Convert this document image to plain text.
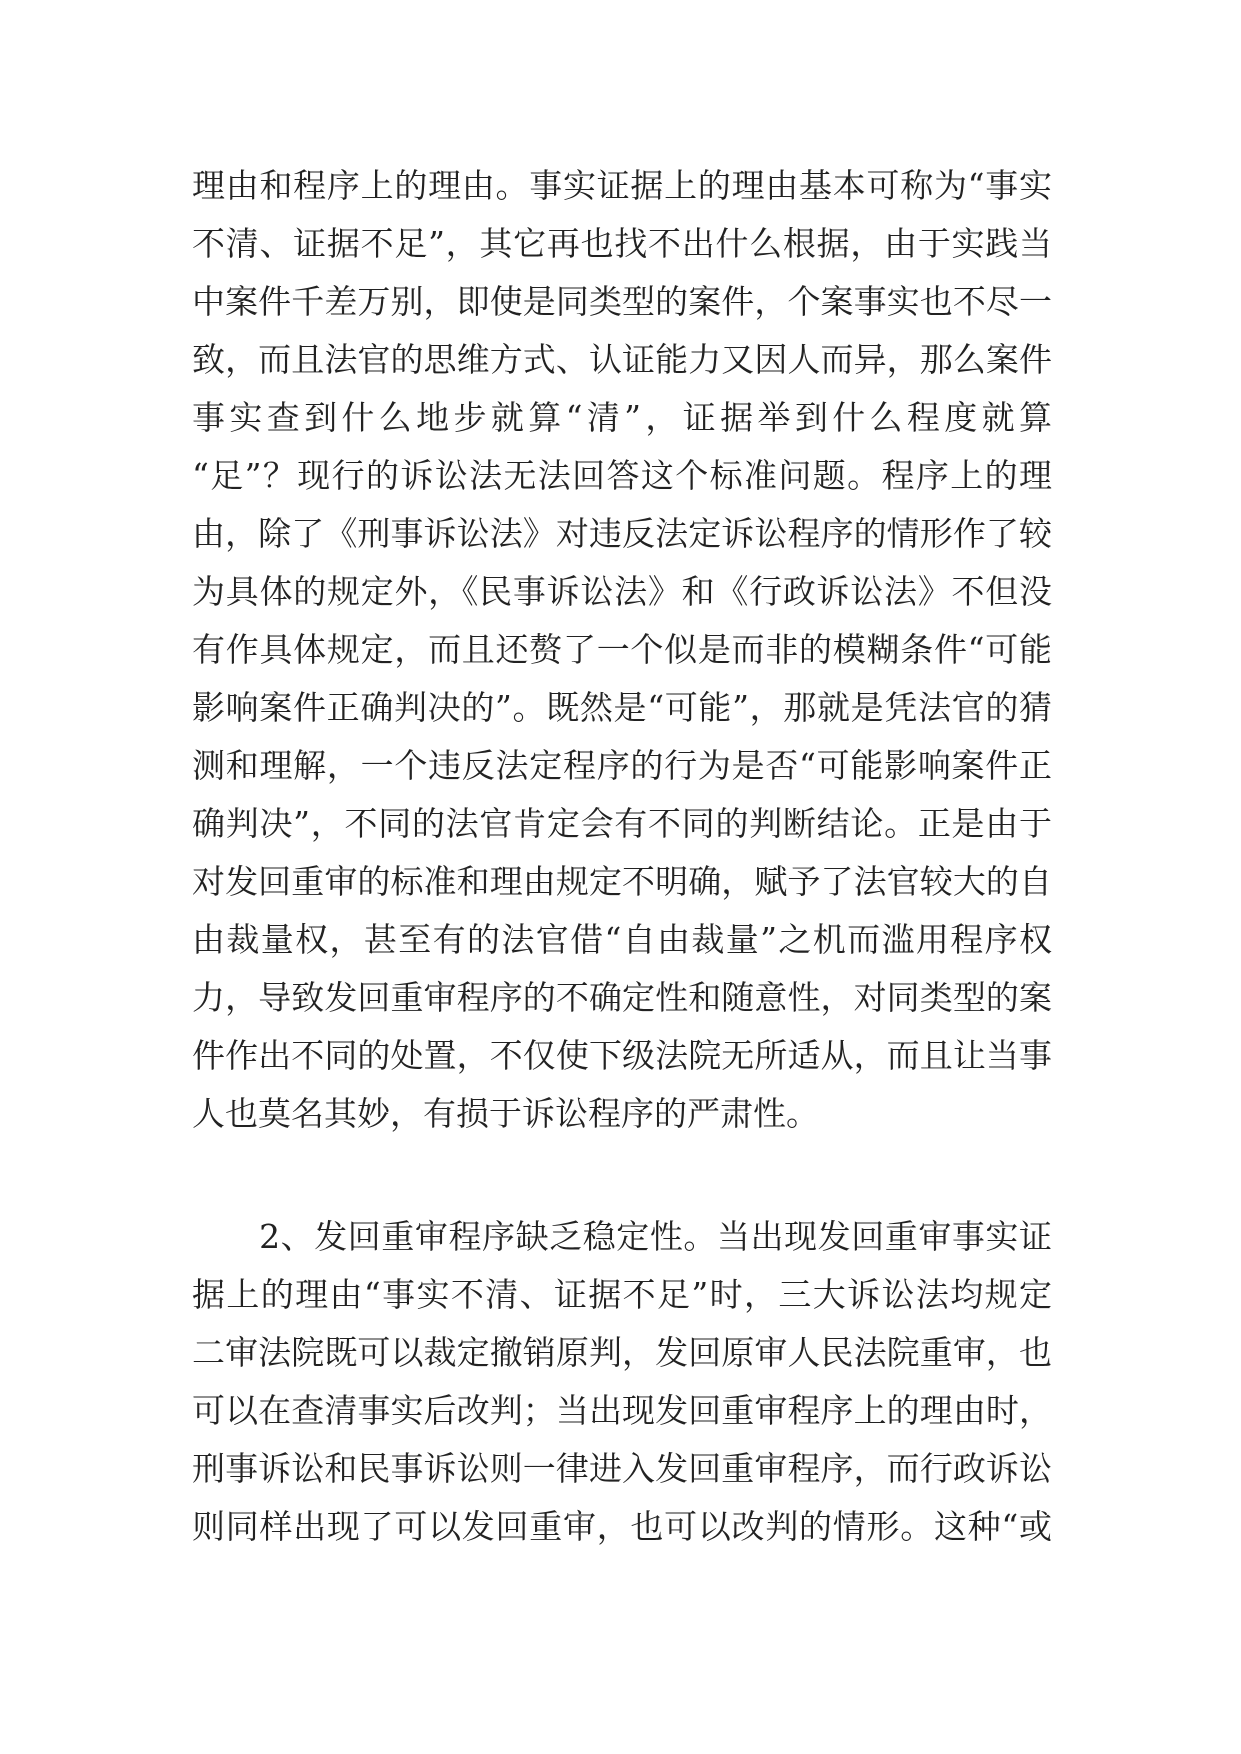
理由和程序上的理由。事实证据上的理由基本可称为“事实
不清、证据不足”，其它再也找不出什么根据，由于实践当
中案件千差万别，即使是同类型的案件，个案事实也不尽一
致，而且法官的思维方式、认证能力又因人而异，那么案件
事实查到什么地步就算“清”，证据举到什么程度就算
“足”？现行的诉讼法无法回答这个标准问题。程序上的理
由，除了《刑事诉讼法》对违反法定诉讼程序的情形作了较
为具体的规定外，《民事诉讼法》和《行政诉讼法》不但没
有作具体规定，而且还赘了一个似是而非的模糊条件“可能
影响案件正确判决的”。既然是“可能”，那就是凭法官的猜
测和理解，一个违反法定程序的行为是否“可能影响案件正
确判决”，不同的法官肯定会有不同的判断结论。正是由于
对发回重审的标准和理由规定不明确，赋予了法官较大的自
由裁量权，甚至有的法官借“自由裁量”之机而滥用程序权
力，导致发回重审程序的不确定性和随意性，对同类型的案
件作出不同的处置，不仅使下级法院无所适从，而且让当事
人也莫名其妙，有损于诉讼程序的严肃性。
　　2、发回重审程序缺乏稳定性。当出现发回重审事实证
据上的理由“事实不清、证据不足”时，三大诉讼法均规定
二审法院既可以裁定撤销原判，发回原审人民法院重审，也
可以在查清事实后改判；当出现发回重审程序上的理由时，
刑事诉讼和民事诉讼则一律进入发回重审程序，而行政诉讼
则同样出现了可以发回重审，也可以改判的情形。这种“或
